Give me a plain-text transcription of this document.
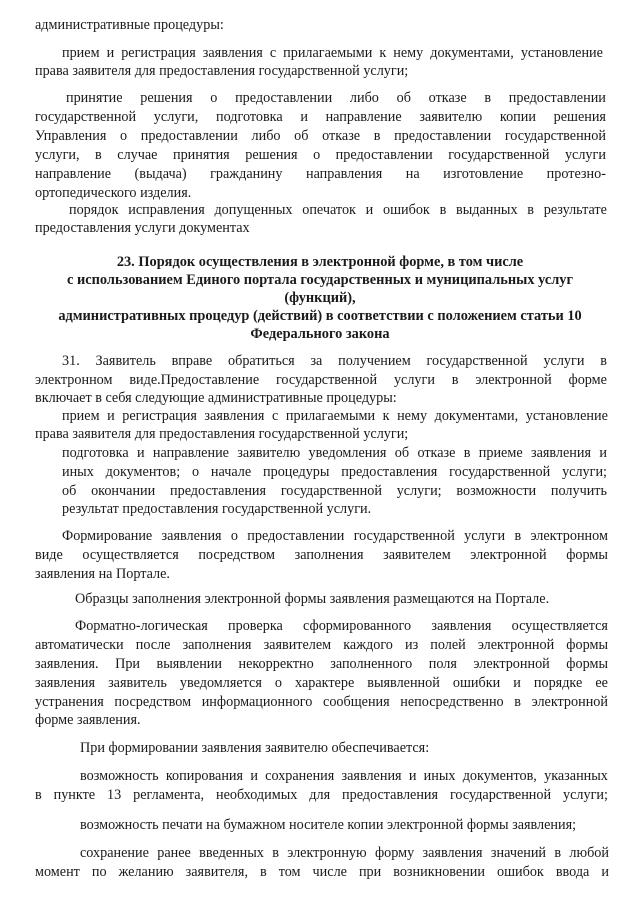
административные процедуры:
прием и регистрация заявления с прилагаемыми к нему документами, установление
права заявителя для предоставления государственной услуги;
принятие решения о предоставлении либо об отказе в предоставлении
государственной услуги, подготовка и направление заявителю копии решения
Управления о предоставлении либо об отказе в предоставлении государственной
услуги, в случае принятия решения о предоставлении государственной услуги
направление (выдача) гражданину направления на изготовление протезно-
ортопедического изделия.
порядок исправления допущенных опечаток и ошибок в выданных в результате
предоставления услуги документах
23. Порядок осуществления в электронной форме, в том числе
с использованием Единого портала государственных и муниципальных услуг
(функций),
административных процедур (действий) в соответствии с положением статьи 10
Федерального закона
31. Заявитель вправе обратиться за получением государственной услуги в
электронном виде.Предоставление государственной услуги в электронной форме
включает в себя следующие административные процедуры:
прием и регистрация заявления с прилагаемыми к нему документами, установление
права заявителя для предоставления государственной услуги;
подготовка и направление заявителю уведомления об отказе в приеме заявления и
иных документов; о начале процедуры предоставления государственной услуги;
об окончании предоставления государственной услуги; возможности получить
результат предоставления государственной услуги.
Формирование заявления о предоставлении государственной услуги в электронном
виде осуществляется посредством заполнения заявителем электронной формы
заявления на Портале.
Образцы заполнения электронной формы заявления размещаются на Портале.
Форматно-логическая проверка сформированного заявления осуществляется
автоматически после заполнения заявителем каждого из полей электронной формы
заявления. При выявлении некорректно заполненного поля электронной формы
заявления заявитель уведомляется о характере выявленной ошибки и порядке ее
устранения посредством информационного сообщения непосредственно в электронной
форме заявления.
При формировании заявления заявителю обеспечивается:
возможность копирования и сохранения заявления и иных документов, указанных
в пункте 13 регламента, необходимых для предоставления государственной услуги;
возможность печати на бумажном носителе копии электронной формы заявления;
сохранение ранее введенных в электронную форму заявления значений в любой
момент по желанию заявителя, в том числе при возникновении ошибок ввода и
